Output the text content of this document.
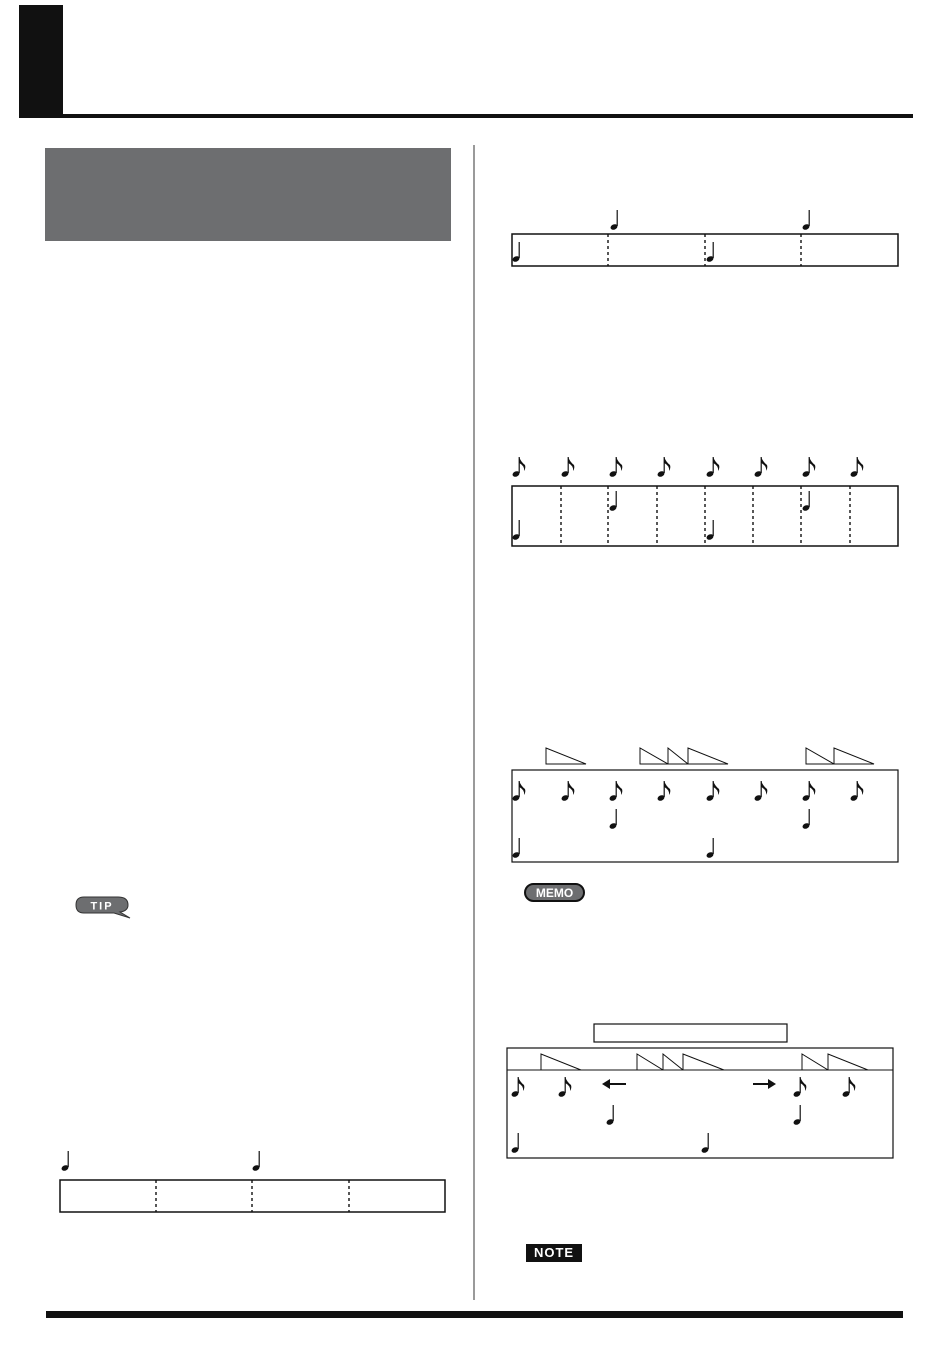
TIP
MEMO
NOTE
